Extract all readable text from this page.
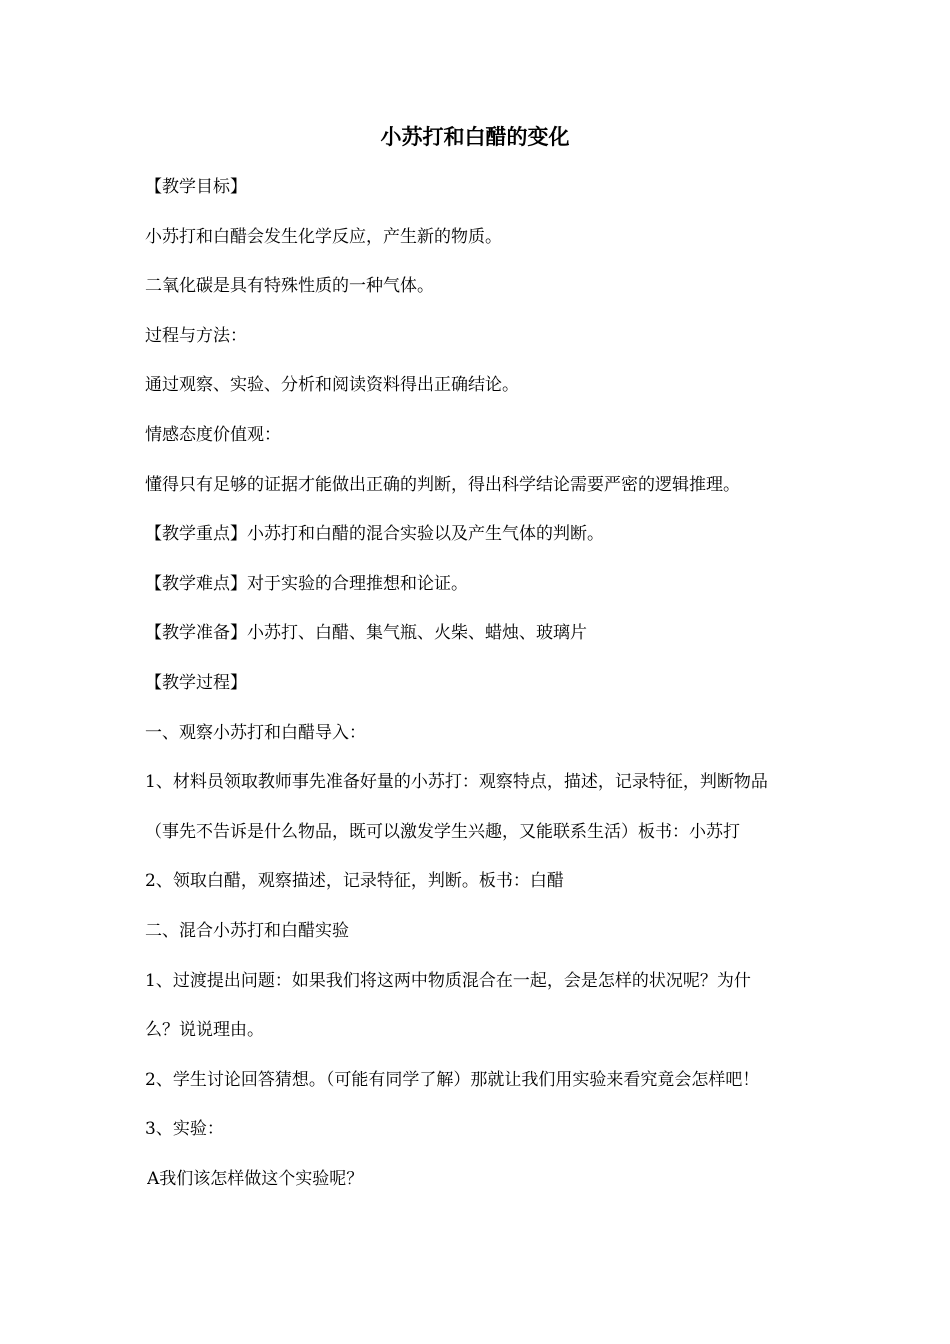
小苏打和白醋的变化
【教学目标】
小苏打和白醋会发生化学反应，产生新的物质。
二氧化碳是具有特殊性质的一种气体。
过程与方法：
通过观察、实验、分析和阅读资料得出正确结论。
情感态度价值观：
懂得只有足够的证据才能做出正确的判断，得出科学结论需要严密的逻辑推理。
【教学重点】小苏打和白醋的混合实验以及产生气体的判断。
【教学难点】对于实验的合理推想和论证。
【教学准备】小苏打、白醋、集气瓶、火柴、蜡烛、玻璃片
【教学过程】
一、观察小苏打和白醋导入：
1、材料员领取教师事先准备好量的小苏打：观察特点，描述，记录特征，判断物品
（事先不告诉是什么物品，既可以激发学生兴趣，又能联系生活）板书：小苏打
2、领取白醋，观察描述，记录特征，判断。板书：白醋
二、混合小苏打和白醋实验
1、过渡提出问题：如果我们将这两中物质混合在一起，会是怎样的状况呢？为什
么？说说理由。
2、学生讨论回答猜想。（可能有同学了解）那就让我们用实验来看究竟会怎样吧！
3、实验：
A我们该怎样做这个实验呢？
